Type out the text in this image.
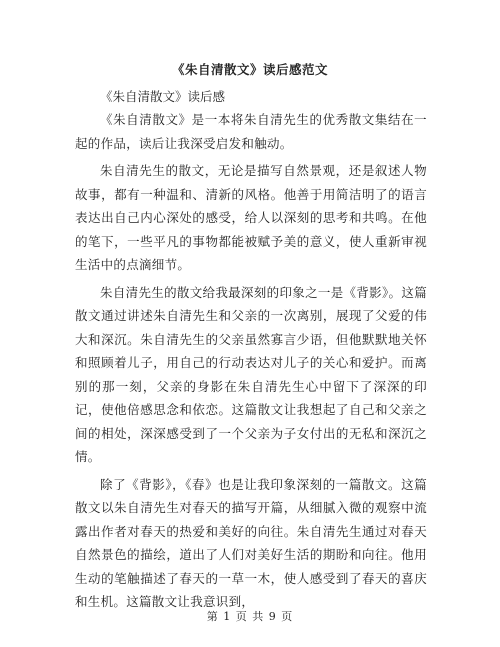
《朱自清散文》读后感范文
《朱自清散文》读后感

《朱自清散文》是一本将朱自清先生的优秀散文集结在一起的作品，读后让我深受启发和触动。

朱自清先生的散文，无论是描写自然景观，还是叙述人物故事，都有一种温和、清新的风格。他善于用简洁明了的语言表达出自己内心深处的感受，给人以深刻的思考和共鸣。在他的笔下，一些平凡的事物都能被赋予美的意义，使人重新审视生活中的点滴细节。

朱自清先生的散文给我最深刻的印象之一是《背影》。这篇散文通过讲述朱自清先生和父亲的一次离别，展现了父爱的伟大和深沉。朱自清先生的父亲虽然寡言少语，但他默默地关怀和照顾着儿子，用自己的行动表达对儿子的关心和爱护。而离别的那一刻，父亲的身影在朱自清先生心中留下了深深的印记，使他倍感思念和依恋。这篇散文让我想起了自己和父亲之间的相处，深深感受到了一个父亲为子女付出的无私和深沉之情。

除了《背影》，《春》也是让我印象深刻的一篇散文。这篇散文以朱自清先生对春天的描写开篇，从细腻入微的观察中流露出作者对春天的热爱和美好的向往。朱自清先生通过对春天自然景色的描绘，道出了人们对美好生活的期盼和向往。他用生动的笔触描述了春天的一草一木，使人感受到了春天的喜庆和生机。这篇散文让我意识到，

第 1 页 共 9 页
